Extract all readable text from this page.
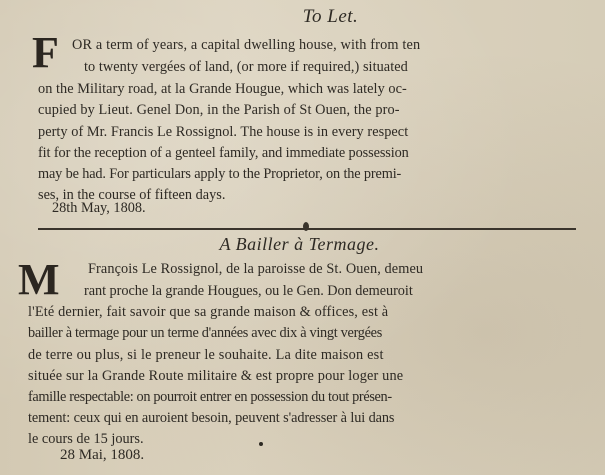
To Let.
F OR a term of years, a capital dwelling house, with from ten
to twenty vergées of land, (or more if required,) situated
on the Military road, at la Grande Hougue, which was lately oc-
cupied by Lieut. Genel Don, in the Parish of St Ouen, the pro-
perty of Mr. Francis Le Rossignol. The house is in every respect
fit for the reception of a genteel family, and immediate possession
may be had. For particulars apply to the Proprietor, on the premi-
ses, in the course of fifteen days.
28th May, 1808.
A Bailler à Termage.
M François Le Rossignol, de la paroisse de St. Ouen, demeu
rant proche la grande Hougues, ou le Gen. Don demeuroit
l'Eté dernier, fait savoir que sa grande maison & offices, est à
bailler à termage pour un terme d'années avec dix à vingt vergées
de terre ou plus, si le preneur le souhaite. La dite maison est
située sur la Grande Route militaire & est propre pour loger une
famille respectable: on pourroit entrer en possession du tout présen-
tement: ceux qui en auroient besoin, peuvent s'adresser à lui dans
le cours de 15 jours.
28 Mai, 1808.
